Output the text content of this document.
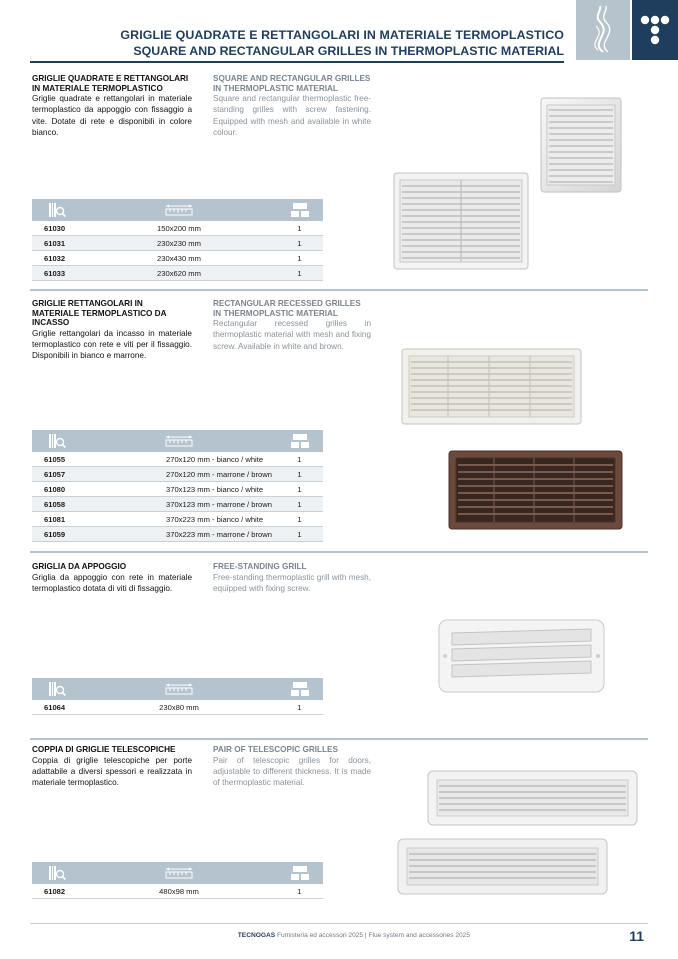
GRIGLIE QUADRATE E RETTANGOLARI IN MATERIALE TERMOPLASTICO
SQUARE AND RECTANGULAR GRILLES IN THERMOPLASTIC MATERIAL
GRIGLIE QUADRATE E RETTANGOLARI IN MATERIALE TERMOPLASTICO
Griglie quadrate e rettangolari in materiale termoplastico da appoggio con fissaggio a vite. Dotate di rete e disponibili in colore bianco.
SQUARE AND RECTANGULAR GRILLES IN THERMOPLASTIC MATERIAL
Square and rectangular thermoplastic free-standing grilles with screw fastening. Equipped with mesh and available in white colour.
61030	150x200 mm	1
61031	230x230 mm	1
61032	230x430 mm	1
61033	230x620 mm	1
GRIGLIE RETTANGOLARI IN MATERIALE TERMOPLASTICO DA INCASSO
Griglie rettangolari da incasso in materiale termoplastico con rete e viti per il fissaggio. Disponibili in bianco e marrone.
RECTANGULAR RECESSED GRILLES IN THERMOPLASTIC MATERIAL
Rectangular recessed grilles in thermoplastic material with mesh and fixing screw. Available in white and brown.
61055	270x120 mm - bianco / white	1
61057	270x120 mm - marrone / brown	1
61080	370x123 mm - bianco / white	1
61058	370x123 mm - marrone / brown	1
61081	370x223 mm - bianco / white	1
61059	370x223 mm - marrone / brown	1
GRIGLIA DA APPOGGIO
Griglia da appoggio con rete in materiale termoplastico dotata di viti di fissaggio.
FREE-STANDING GRILL
Free-standing thermoplastic grill with mesh, equipped with fixing screw.
61064	230x80 mm	1
COPPIA DI GRIGLIE TELESCOPICHE
Coppia di griglie telescopiche per porte adattabile a diversi spessori e realizzata in materiale termoplastico.
PAIR OF TELESCOPIC GRILLES
Pair of telescopic grilles for doors, adjustable to different thickness. It is made of thermoplastic material.
61082	480x98 mm	1
TECNOGAS Fumisteria ed accessori 2025 | Flue system and accessories 2025	11
